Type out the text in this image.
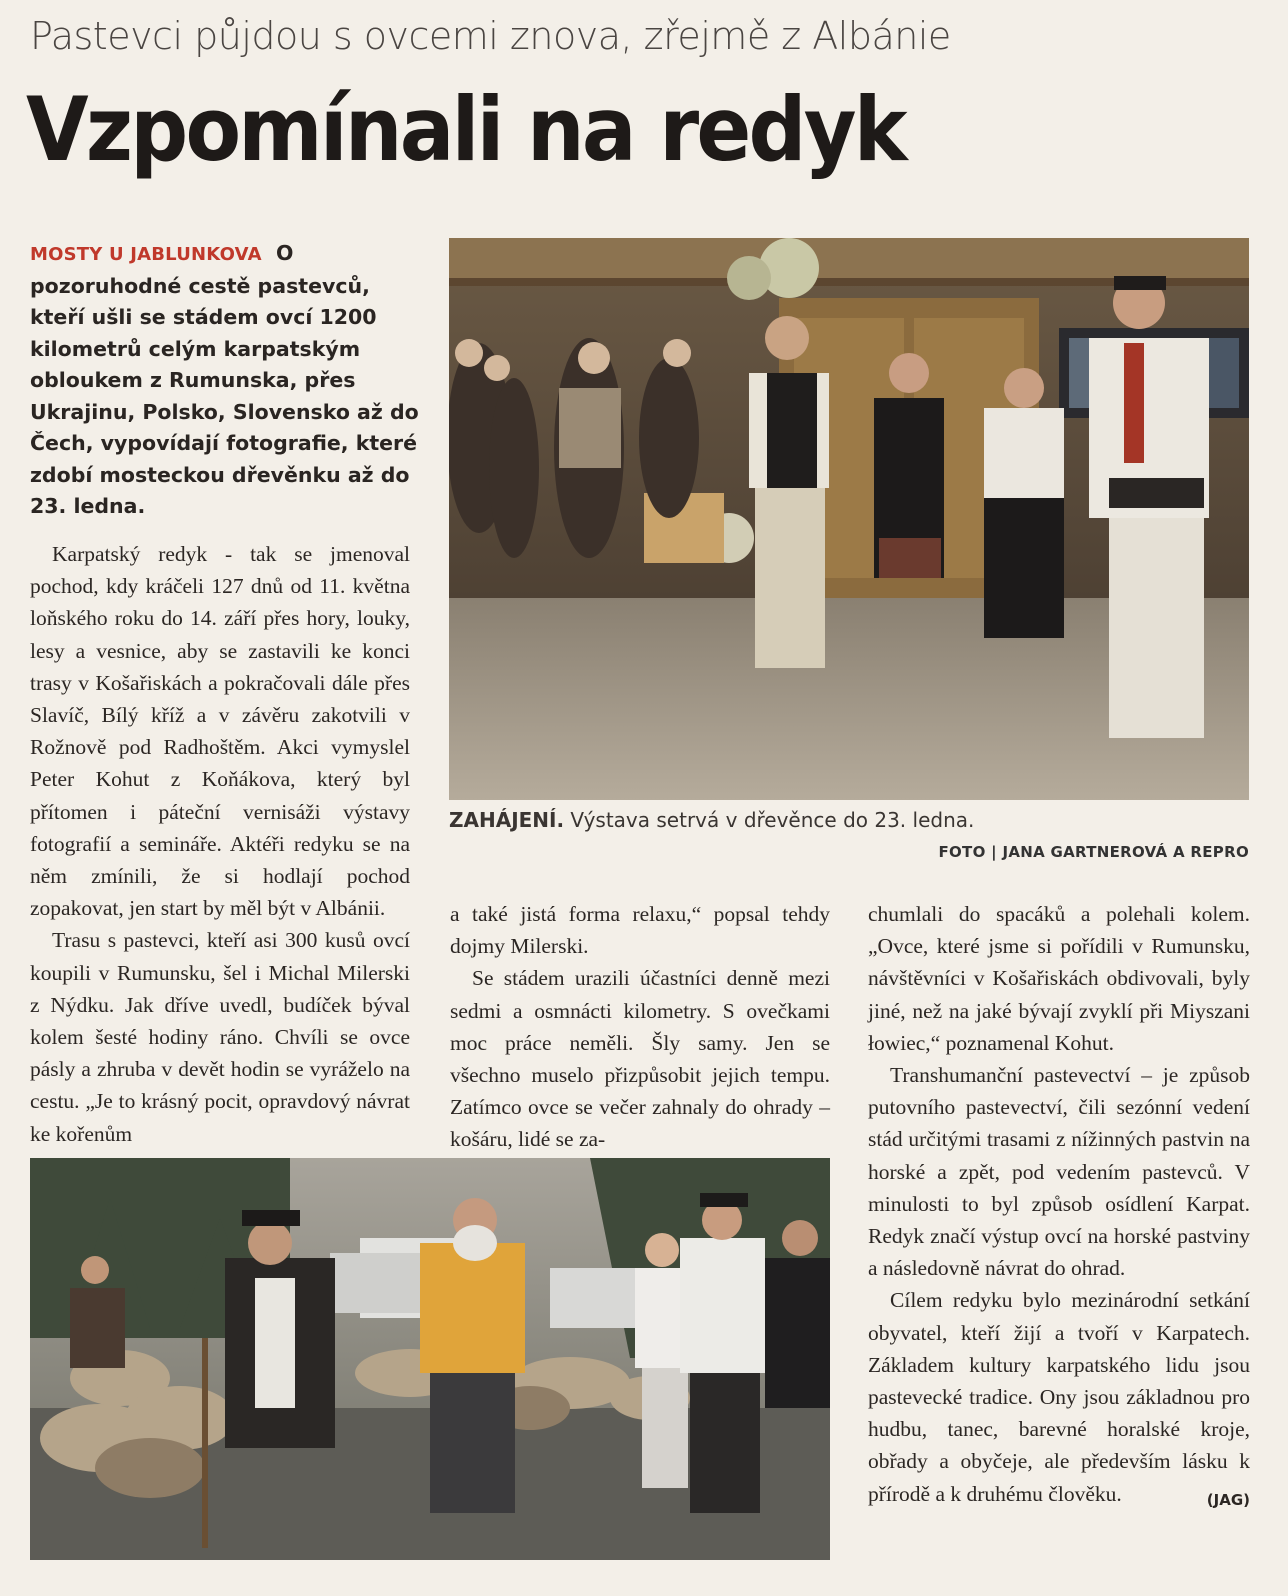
Pastevci půjdou s ovcemi znova, zřejmě z Albánie
Vzpomínali na redyk
MOSTY U JABLUNKOVA O pozoruhodné cestě pastevců, kteří ušli se stádem ovcí 1200 kilometrů celým karpatským obloukem z Rumunska, přes Ukrajinu, Polsko, Slovensko až do Čech, vypovídají fotografie, které zdobí mosteckou dřevěnku až do 23. ledna.
ZAHÁJENÍ. Výstava setrvá v dřevěnce do 23. ledna.
FOTO | JANA GARTNEROVÁ A REPRO

Karpatský redyk - tak se jmenoval pochod, kdy kráčeli 127 dnů od 11. května loňského roku do 14. září přes hory, louky, lesy a vesnice, aby se zastavili ke konci trasy v Košařiskách a pokračovali dále přes Slavíč, Bílý kříž a v závěru zakotvili v Rožnově pod Radhoštěm. Akci vymyslel Peter Kohut z Koňákova, který byl přítomen i páteční vernisáži výstavy fotografií a semináře. Aktéři redyku se na něm zmínili, že si hodlají pochod zopakovat, jen start by měl být v Albánii.

Trasu s pastevci, kteří asi 300 kusů ovcí koupili v Rumunsku, šel i Michal Milerski z Nýdku. Jak dříve uvedl, budíček býval kolem šesté hodiny ráno. Chvíli se ovce pásly a zhruba v devět hodin se vyráželo na cestu. „Je to krásný pocit, opravdový návrat ke kořenům

a také jistá forma relaxu,“ popsal tehdy dojmy Milerski.

Se stádem urazili účastníci denně mezi sedmi a osmnácti kilometry. S ovečkami moc práce neměli. Šly samy. Jen se všechno muselo přizpůsobit jejich tempu. Zatímco ovce se večer zahnaly do ohrady – košáru, lidé se za-

chumlali do spacáků a polehali kolem. „Ovce, které jsme si pořídili v Rumunsku, návštěvníci v Košařiskách obdivovali, byly jiné, než na jaké bývají zvyklí při Miyszani łowiec,“ poznamenal Kohut.

Transhumanční pastevectví – je způsob putovního pastevectví, čili sezónní vedení stád určitými trasami z nížinných pastvin na horské a zpět, pod vedením pastevců. V minulosti to byl způsob osídlení Karpat. Redyk značí výstup ovcí na horské pastviny a následovně návrat do ohrad.

Cílem redyku bylo mezinárodní setkání obyvatel, kteří žijí a tvoří v Karpatech. Základem kultury karpatského lidu jsou pastevecké tradice. Ony jsou základnou pro hudbu, tanec, barevné horalské kroje, obřady a obyčeje, ale především lásku k přírodě a k druhému člověku.	(JAG)
